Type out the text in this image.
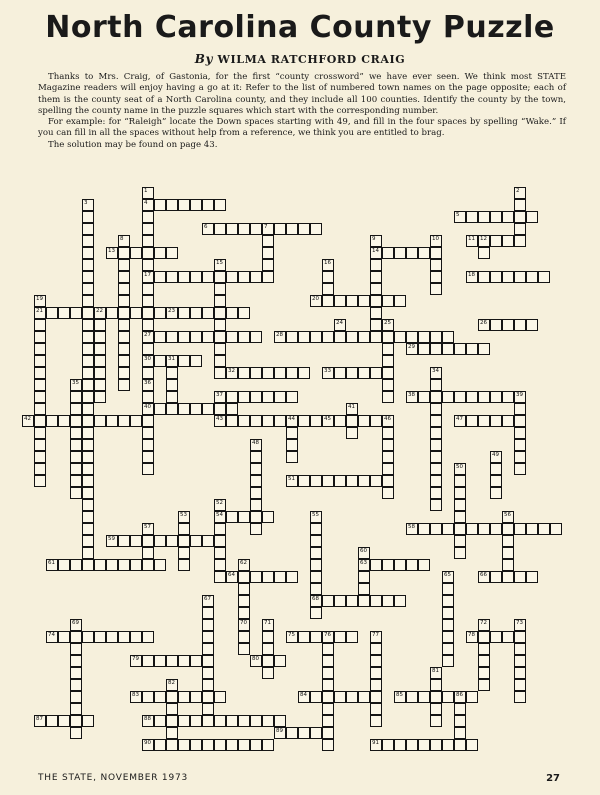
North Carolina County Puzzle
By WILMA RATCHFORD CRAIG

Thanks to Mrs. Craig, of Gastonia, for the first “county crossword” we have ever seen. We think most STATE Magazine readers will enjoy having a go at it: Refer to the list of numbered town names on the page opposite; each of them is the county seat of a North Carolina county, and they include all 100 counties. Identify the county by the town, spelling the county name in the puzzle squares which start with the corresponding number.

For example: for “Raleigh” locate the Down spaces starting with 49, and fill in the four spaces by spelling “Wake.” If you can fill in all the spaces without help from a reference, we think you are entitled to brag.

The solution may be found on page 43.

1
4
17
27
30
2
3
5
6	7
8	9
14
10	11 12
13
15	16
18
19
21
20
22	23
24	25	26
28
29
31
32	33	34
35	36
40
37	38	39
41
42	43	44	45	46	47
48
49
50
51
52
54
53	55
68
56
57	58
59
60
63
61	62
64	65	66
67
69	70	71	72	73
74	75	76	77	78
79	80
81
82
83	84	85	86
87	88
89
90	91
THE STATE, NOVEMBER 1973	27
